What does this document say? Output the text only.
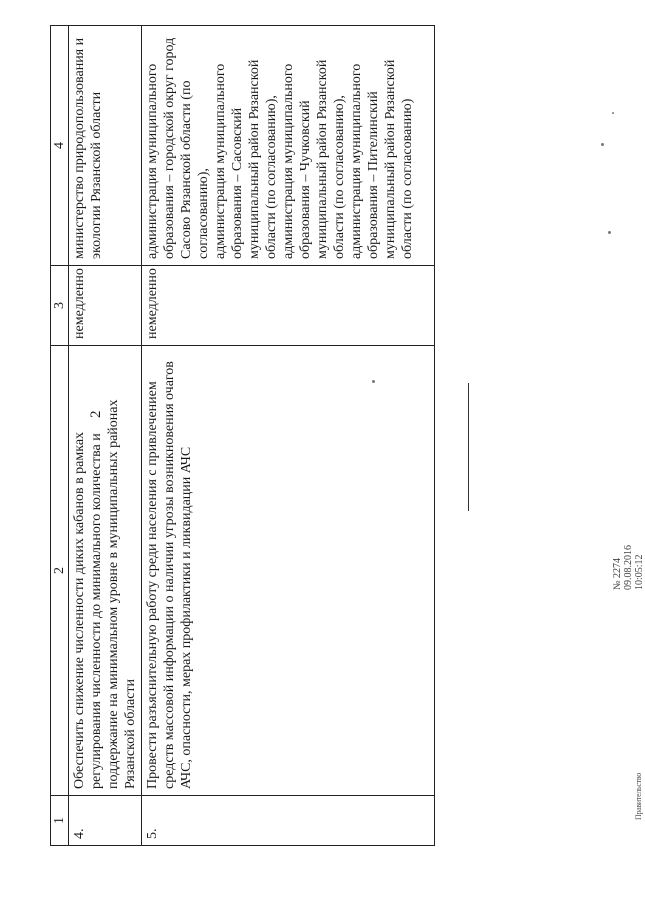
2
1	2	3	4
4.	Обеспечить снижение численности диких кабанов в рамках регулирования численности до минимального количества и поддержание на минимальном уровне в муниципальных районах Рязанской области	немедленно	министерство природопользования и экологии Рязанской области
5.	Провести разъяснительную работу среди населения с привлечением средств массовой информации о наличии угрозы возникновения очагов АЧС, опасности, мерах профилактики и ликвидации АЧС	немедленно	администрация муниципального образования – городской округ город Сасово Рязанской области (по согласованию),
администрация муниципального образования – Сасовский муниципальный район Рязанской области (по согласованию),
администрация муниципального образования – Чучковский муниципальный район Рязанской области (по согласованию),
администрация муниципального образования – Пителинский муниципальный район Рязанской области (по согласованию)
№ 2274 09.08.2016 10:05:12
Правительство
